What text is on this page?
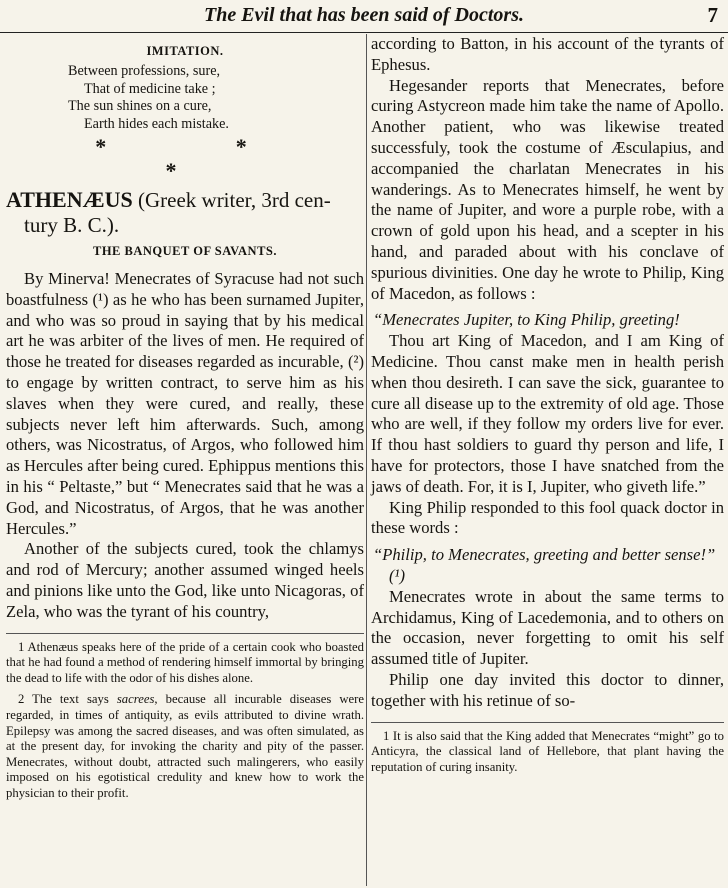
The Evil that has been said of Doctors.	7
IMITATION.
Between professions, sure,
That of medicine take ;
The sun shines on a cure,
Earth hides each mistake.
* * *
ATHENÆUS (Greek writer, 3rd cen-
tury B. C.).
THE BANQUET OF SAVANTS.

By Minerva! Menecrates of Syracuse had not such boastfulness (¹) as he who has been surnamed Jupiter, and who was so proud in saying that by his medical art he was arbiter of the lives of men. He required of those he treated for diseases regarded as incurable, (²) to engage by written contract, to serve him as his slaves when they were cured, and really, these subjects never left him afterwards. Such, among others, was Nicostratus, of Argos, who followed him as Hercules after being cured. Ephippus mentions this in his “ Peltaste,” but “ Menecrates said that he was a God, and Nicostratus, of Argos, that he was another Hercules.”

Another of the subjects cured, took the chlamys and rod of Mercury; another assumed winged heels and pinions like unto the God, like unto Nicagoras, of Zela, who was the tyrant of his country,

1 Athenæus speaks here of the pride of a certain cook who boasted that he had found a method of rendering himself immortal by bringing the dead to life with the odor of his dishes alone.

2 The text says sacrees, because all incurable diseases were regarded, in times of antiquity, as evils attributed to divine wrath. Epilepsy was among the sacred diseases, and was often simulated, as at the present day, for invoking the charity and pity of the passer. Menecrates, without doubt, attracted such malingerers, who easily imposed on his egotistical credulity and knew how to work the physician to their profit.

according to Batton, in his account of the tyrants of Ephesus.

Hegesander reports that Menecrates, before curing Astycreon made him take the name of Apollo. Another patient, who was likewise treated successfuly, took the costume of Æsculapius, and accompanied the charlatan Menecrates in his wanderings. As to Menecrates himself, he went by the name of Jupiter, and wore a purple robe, with a crown of gold upon his head, and a scepter in his hand, and paraded about with his conclave of spurious divinities. One day he wrote to Philip, King of Macedon, as follows :

“Menecrates Jupiter, to King Philip, greeting!

Thou art King of Macedon, and I am King of Medicine. Thou canst make men in health perish when thou desireth. I can save the sick, guarantee to cure all disease up to the extremity of old age. Those who are well, if they follow my orders live for ever. If thou hast soldiers to guard thy person and life, I have for protectors, those I have snatched from the jaws of death. For, it is I, Jupiter, who giveth life.”

King Philip responded to this fool quack doctor in these words :

“Philip, to Menecrates, greeting and better sense!” (¹)

Menecrates wrote in about the same terms to Archidamus, King of Lacedemonia, and to others on the occasion, never forgetting to omit his self assumed title of Jupiter.

Philip one day invited this doctor to dinner, together with his retinue of so-

1 It is also said that the King added that Menecrates “might” go to Anticyra, the classical land of Hellebore, that plant having the reputation of curing insanity.
